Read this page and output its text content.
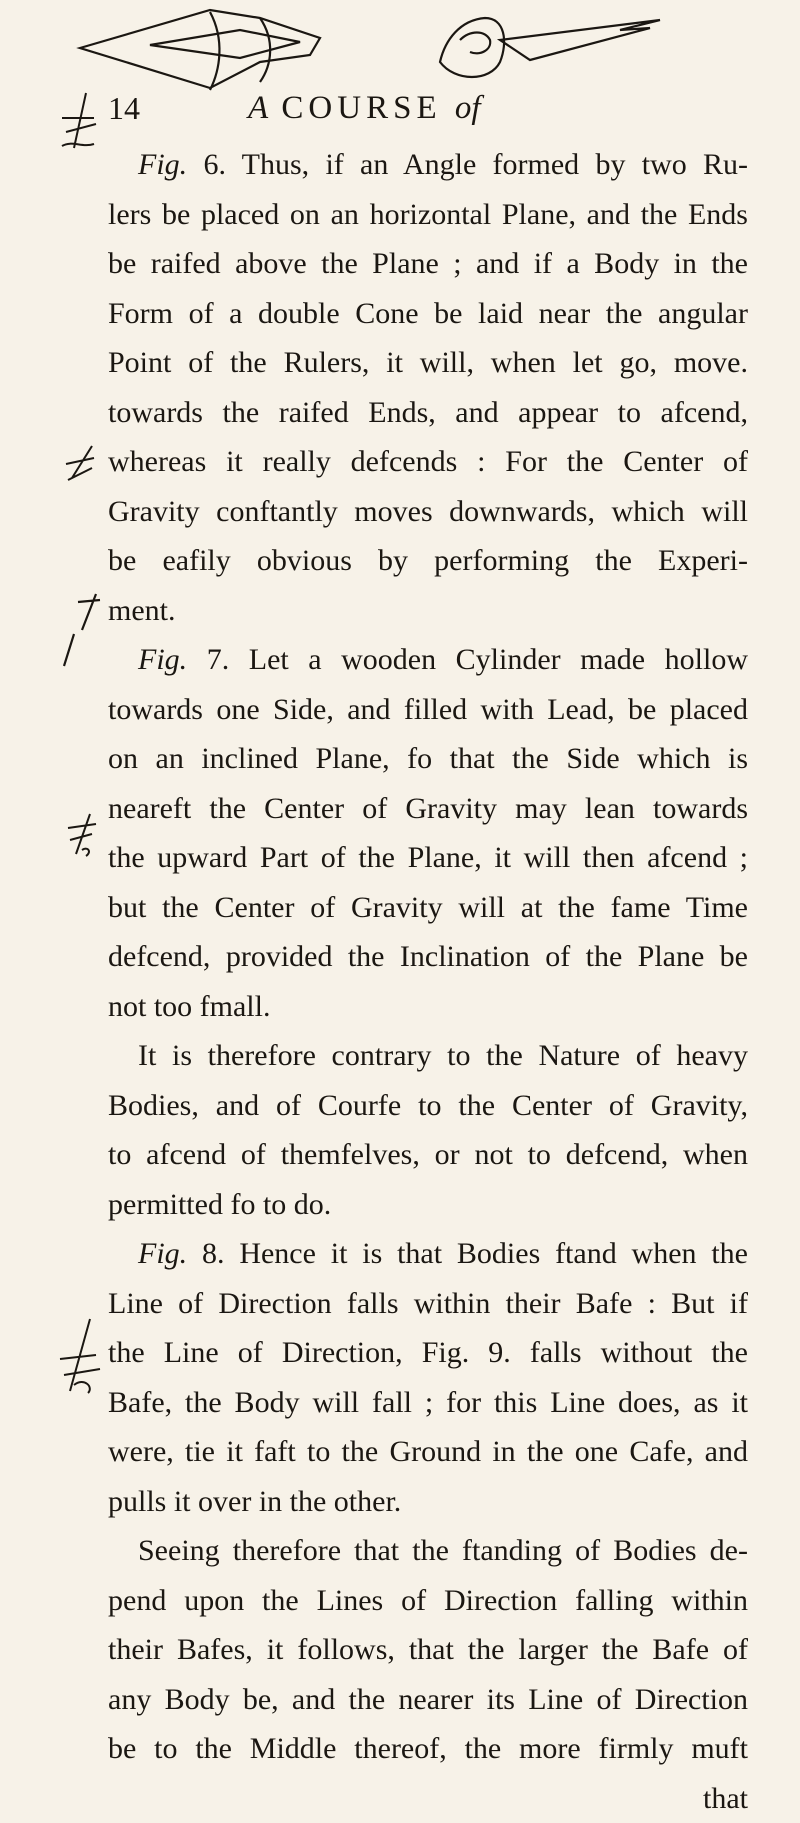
14	A COURSE of
Fig. 6. Thus, if an Angle formed by two Ru-
lers be placed on an horizontal Plane, and the Ends
be raifed above the Plane ; and if a Body in the
Form of a double Cone be laid near the angular
Point of the Rulers, it will, when let go, move.
towards the raifed Ends, and appear to afcend,
whereas it really defcends : For the Center of
Gravity conftantly moves downwards, which will
be eafily obvious by performing the Experi-
ment.
Fig. 7. Let a wooden Cylinder made hollow
towards one Side, and filled with Lead, be placed
on an inclined Plane, fo that the Side which is
neareft the Center of Gravity may lean towards
the upward Part of the Plane, it will then afcend ;
but the Center of Gravity will at the fame Time
defcend, provided the Inclination of the Plane be
not too fmall.
It is therefore contrary to the Nature of heavy
Bodies, and of Courfe to the Center of Gravity,
to afcend of themfelves, or not to defcend, when
permitted fo to do.
Fig. 8. Hence it is that Bodies ftand when the
Line of Direction falls within their Bafe : But if
the Line of Direction, Fig. 9. falls without the
Bafe, the Body will fall ; for this Line does, as it
were, tie it faft to the Ground in the one Cafe, and
pulls it over in the other.
Seeing therefore that the ftanding of Bodies de-
pend upon the Lines of Direction falling within
their Bafes, it follows, that the larger the Bafe of
any Body be, and the nearer its Line of Direction
be to the Middle thereof, the more firmly muft
that
